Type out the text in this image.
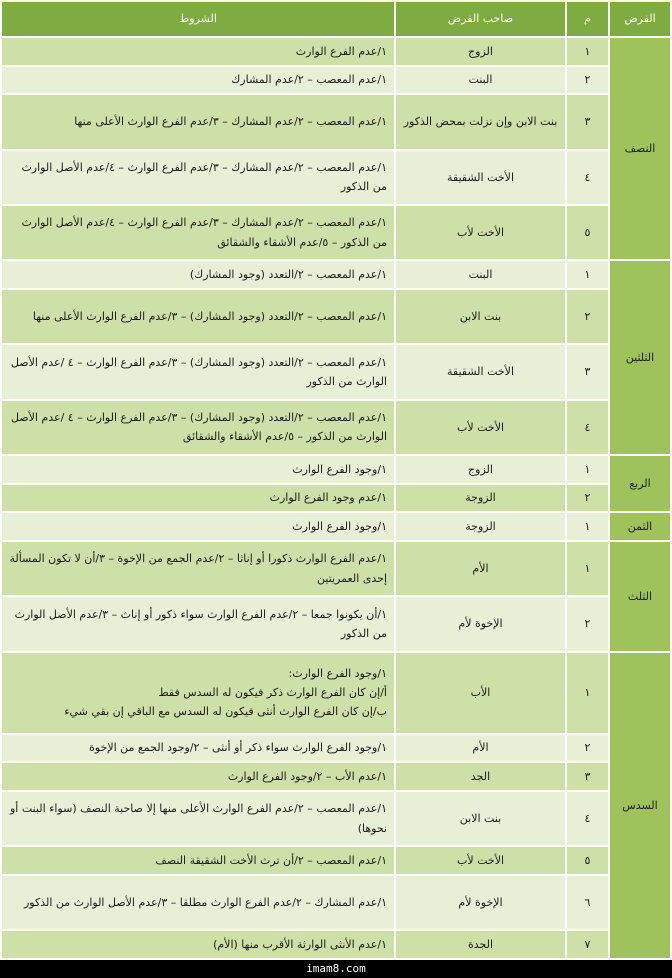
الفرض	م	صاحب الفرض	الشروط
النصف	١	الزوج	١/عدم الفرع الوارث
	٢	البنت	١/عدم المعصب – ٢/عدم المشارك
	٣	بنت الابن وإن نزلت بمحض الذكور	١/عدم المعصب – ٢/عدم المشارك – ٣/عدم الفرع الوارث الأعلى منها
	٤	الأخت الشقيقة	١/عدم المعصب – ٢/عدم المشارك – ٣/عدم الفرع الوارث – ٤/عدم الأصل الوارث من الذكور
	٥	الأخت لأب	١/عدم المعصب – ٢/عدم المشارك – ٣/عدم الفرع الوارث – ٤/عدم الأصل الوارث من الذكور – ٥/عدم الأشقاء والشقائق
الثلثين	١	البنت	١/عدم المعصب – ٢/التعدد (وجود المشارك)
	٢	بنت الابن	١/عدم المعصب – ٢/التعدد (وجود المشارك) – ٣/عدم الفرع الوارث الأعلى منها
	٣	الأخت الشقيقة	١/عدم المعصب – ٢/التعدد (وجود المشارك) – ٣/عدم الفرع الوارث – ٤ /عدم الأصل الوارث من الذكور
	٤	الأخت لأب	١/عدم المعصب – ٢/التعدد (وجود المشارك) – ٣/عدم الفرع الوارث – ٤ /عدم الأصل الوارث من الذكور – ٥/عدم الأشقاء والشقائق
الربع	١	الزوج	١/وجود الفرع الوارث
	٢	الزوجة	١/عدم وجود الفرع الوارث
الثمن	١	الزوجة	١/وجود الفرع الوارث
الثلث	١	الأم	١/عدم الفرع الوارث ذكورا أو إناثا – ٢/عدم الجمع من الإخوة – ٣/أن لا تكون المسألة إحدى العمريتين
	٢	الإخوة لأم	١/أن يكونوا جمعا – ٢/عدم الفرع الوارث سواء ذكور أو إناث – ٣/عدم الأصل الوارث من الذكور
السدس	١	الأب	١/وجود الفرع الوارث:
أ/إن كان الفرع الوارث ذكر فيكون له السدس فقط
ب/إن كان الفرع الوارث أنثى فيكون له السدس مع الباقي إن بقي شيء

	٢	الأم	١/وجود الفرع الوارث سواء ذكر أو أنثى – ٢/وجود الجمع من الإخوة
	٣	الجد	١/عدم الأب – ٢/وجود الفرع الوارث
	٤	بنت الابن	١/عدم المعصب – ٢/عدم الفرع الوارث الأعلى منها إلا صاحبة النصف (سواء البنت أو نحوها)
	٥	الأخت لأب	١/عدم المعصب – ٢/أن ترث الأخت الشقيقة النصف
	٦	الإخوة لأم	١/عدم المشارك – ٢/عدم الفرع الوارث مطلقا – ٣/عدم الأصل الوارث من الذكور
	٧	الجدة	١/عدم الأنثى الوارثة الأقرب منها (الأم)
imam8.com
